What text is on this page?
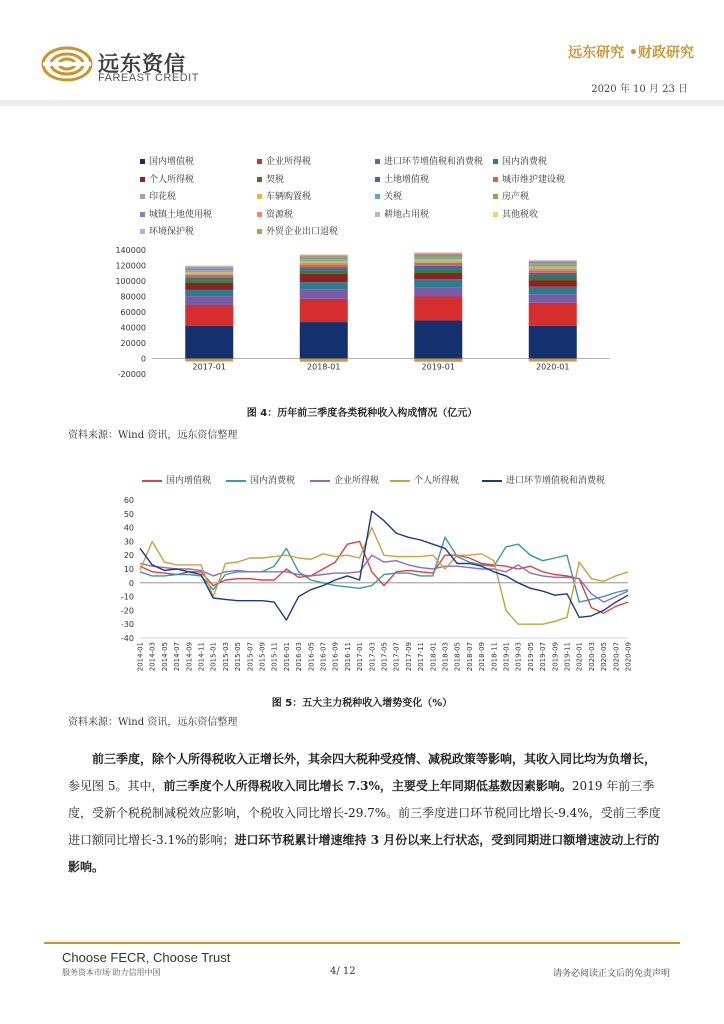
远东资信
FAREAST CREDIT
远东研究 •财政研究
2020 年 10 月 23 日
国内增值税	企业所得税	进口环节增值税和消费税	国内消费税
个人所得税	契税	土地增值税	城市维护建设税
印花税	车辆购置税	关税	房产税
城镇土地使用税	资源税	耕地占用税	其他税收
环境保护税	外贸企业出口退税
-20000
0
20000
40000
60000
80000
100000
120000
140000
2017-01	2018-01	2019-01	2020-01
图 4：历年前三季度各类税种收入构成情况（亿元）
资料来源：Wind 资讯，远东资信整理
国内增值税	国内消费税	企业所得税	个人所得税	进口环节增值税和消费税
-40
-30
-20
-10
0
10
20
30
40
50
60
2014-01 2014-03 2014-05 2014-07 2014-09 2014-11 2015-01 2015-03 2015-05 2015-07 2015-09 2015-11 2016-01 2016-03 2016-05 2016-07 2016-09 2016-11 2017-01 2017-03 2017-05 2017-07 2017-09 2017-11 2018-01 2018-03 2018-05 2018-07 2018-09 2018-11 2019-01 2019-03 2019-05 2019-07 2019-09 2019-11 2020-01 2020-03 2020-05 2020-07 2020-09
图 5：五大主力税种收入增势变化（%）
资料来源：Wind 资讯，远东资信整理
前三季度，除个人所得税收入正增长外，其余四大税种受疫情、减税政策等影响，其收入同比均为负增长，参见图 5。其中，前三季度个人所得税收入同比增长 7.3%，主要受上年同期低基数因素影响。2019 年前三季度，受新个税税制减税效应影响，个税收入同比增长-29.7%。前三季度进口环节税同比增长-9.4%，受前三季度进口额同比增长-3.1%的影响；进口环节税累计增速维持 3 月份以来上行状态，受到同期进口额增速波动上行的影响。
Choose FECR, Choose Trust
服务资本市场 助力信用中国	4/ 12	请务必阅读正文后的免责声明
